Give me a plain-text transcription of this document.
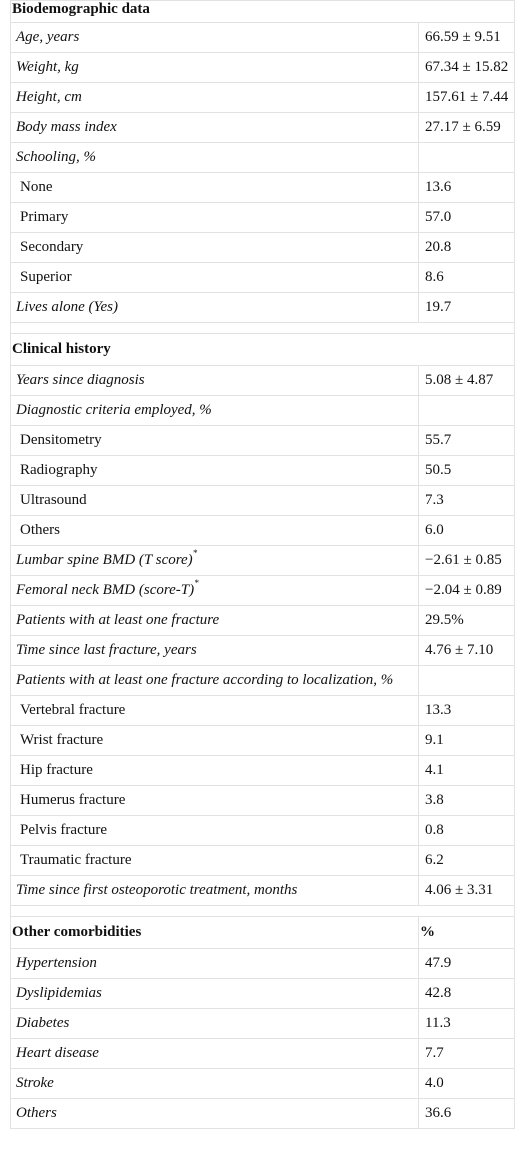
Biodemographic data	
Age, years	66.59 ± 9.51
Weight, kg	67.34 ± 15.82
Height, cm	157.61 ± 7.44
Body mass index	27.17 ± 6.59
Schooling, %	
None	13.6
Primary	57.0
Secondary	20.8
Superior	8.6
Lives alone (Yes)	19.7

Clinical history	
Years since diagnosis	5.08 ± 4.87
Diagnostic criteria employed, %	
Densitometry	55.7
Radiography	50.5
Ultrasound	7.3
Others	6.0
Lumbar spine BMD (T score)*	−2.61 ± 0.85
Femoral neck BMD (score-T)*	−2.04 ± 0.89
Patients with at least one fracture	29.5%
Time since last fracture, years	4.76 ± 7.10
Patients with at least one fracture according to localization, %	
Vertebral fracture	13.3
Wrist fracture	9.1
Hip fracture	4.1
Humerus fracture	3.8
Pelvis fracture	0.8
Traumatic fracture	6.2
Time since first osteoporotic treatment, months	4.06 ± 3.31

Other comorbidities	%
Hypertension	47.9
Dyslipidemias	42.8
Diabetes	11.3
Heart disease	7.7
Stroke	4.0
Others	36.6
